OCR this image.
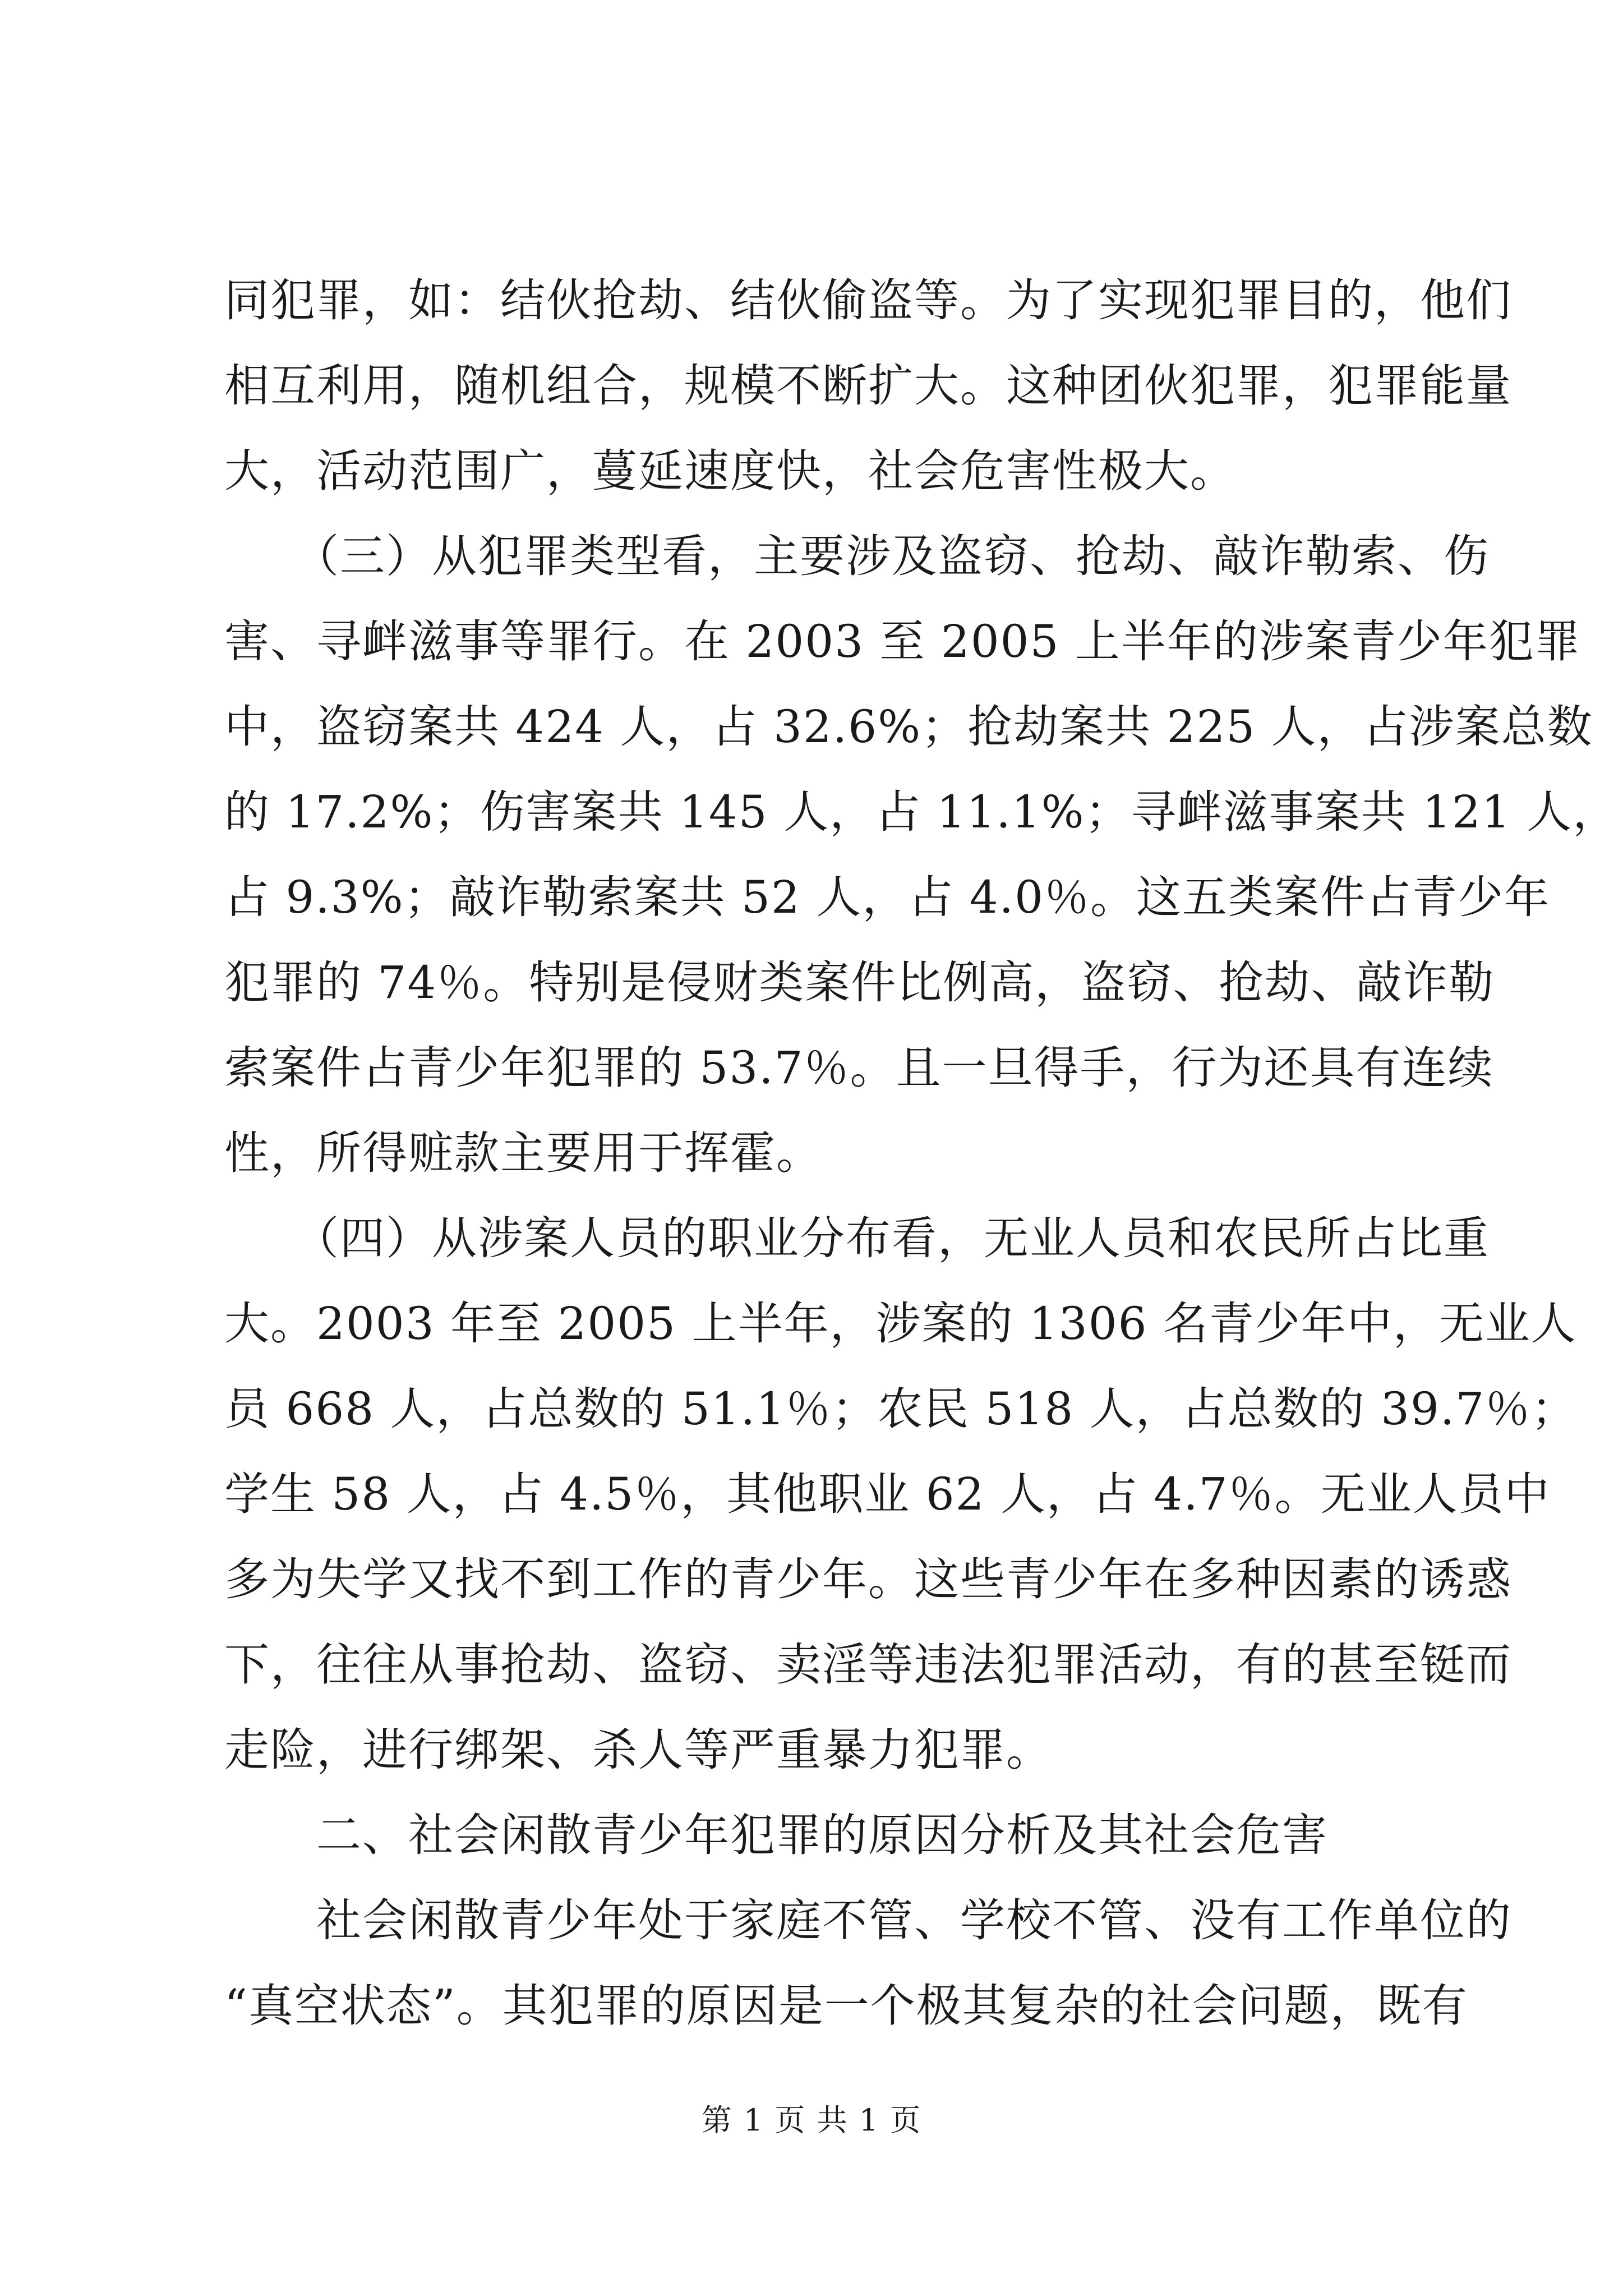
同犯罪，如：结伙抢劫、结伙偷盗等。为了实现犯罪目的，他们
相互利用，随机组合，规模不断扩大。这种团伙犯罪，犯罪能量
大，活动范围广，蔓延速度快，社会危害性极大。
　　（三）从犯罪类型看，主要涉及盗窃、抢劫、敲诈勒索、伤
害、寻衅滋事等罪行。在 2003 至 2005 上半年的涉案青少年犯罪
中，盗窃案共 424 人，占 32.6%；抢劫案共 225 人，占涉案总数
的 17.2%；伤害案共 145 人，占 11.1%；寻衅滋事案共 121 人，
占 9.3%；敲诈勒索案共 52 人，占 4.0％。这五类案件占青少年
犯罪的 74％。特别是侵财类案件比例高，盗窃、抢劫、敲诈勒
索案件占青少年犯罪的 53.7％。且一旦得手，行为还具有连续
性，所得赃款主要用于挥霍。
　　（四）从涉案人员的职业分布看，无业人员和农民所占比重
大。2003 年至 2005 上半年，涉案的 1306 名青少年中，无业人
员 668 人，占总数的 51.1％；农民 518 人，占总数的 39.7％；
学生 58 人，占 4.5％，其他职业 62 人，占 4.7％。无业人员中
多为失学又找不到工作的青少年。这些青少年在多种因素的诱惑
下，往往从事抢劫、盗窃、卖淫等违法犯罪活动，有的甚至铤而
走险，进行绑架、杀人等严重暴力犯罪。
　　二、社会闲散青少年犯罪的原因分析及其社会危害
　　社会闲散青少年处于家庭不管、学校不管、没有工作单位的
“真空状态”。其犯罪的原因是一个极其复杂的社会问题，既有
第 1 页 共 1 页
